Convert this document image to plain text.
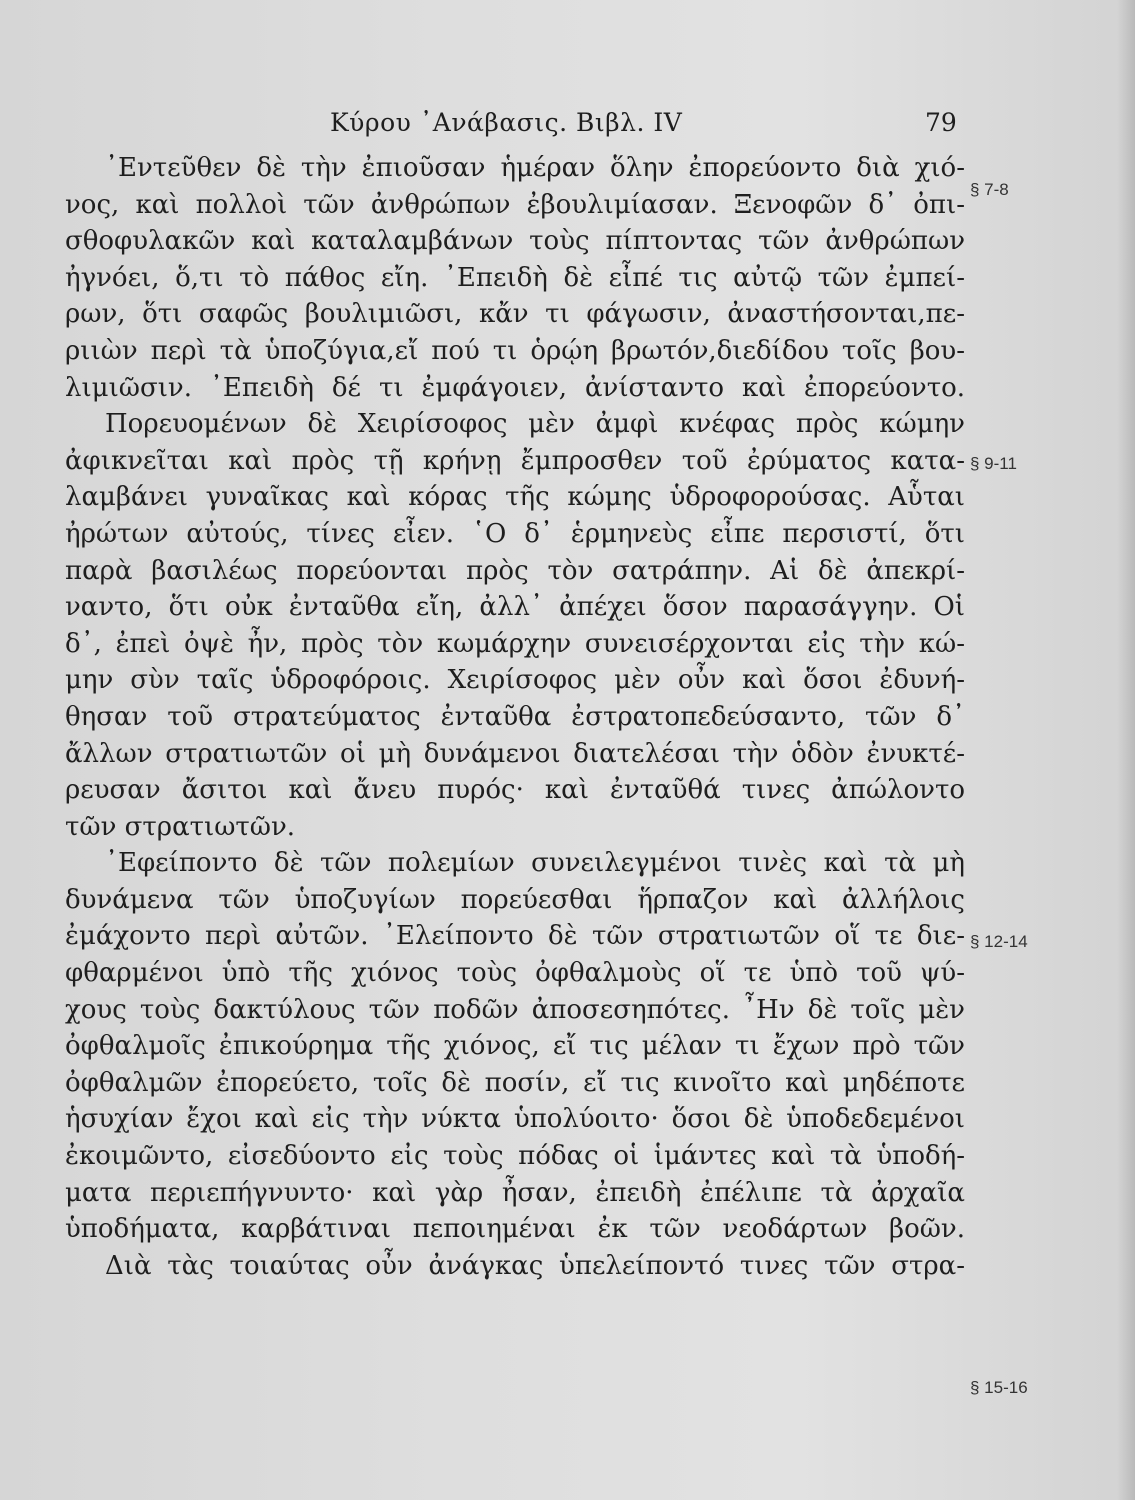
Κύρου ᾿Ανάβασις. Βιβλ. IV	79
᾿Εντεῦθεν δὲ τὴν ἐπιοῦσαν ἡμέραν ὅλην ἐπορεύοντο διὰ χιό-
νος, καὶ πολλοὶ τῶν ἀνθρώπων ἐβουλιμίασαν. Ξενοφῶν δ᾿ ὀπι-
σθοφυλακῶν καὶ καταλαμβάνων τοὺς πίπτοντας τῶν ἀνθρώπων
ἠγνόει, ὅ,τι τὸ πάθος εἴη. ᾿Επειδὴ δὲ εἶπέ τις αὐτῷ τῶν ἐμπεί-
ρων, ὅτι σαφῶς βουλιμιῶσι, κἄν τι φάγωσιν, ἀναστήσονται,πε-
ριιὼν περὶ τὰ ὑποζύγια,εἴ πού τι ὁρῴη βρωτόν,διεδίδου τοῖς βου-
λιμιῶσιν. ᾿Επειδὴ δέ τι ἐμφάγοιεν, ἀνίσταντο καὶ ἐπορεύοντο.
Πορευομένων δὲ Χειρίσοφος μὲν ἀμφὶ κνέφας πρὸς κώμην
ἀφικνεῖται καὶ πρὸς τῇ κρήνῃ ἔμπροσθεν τοῦ ἐρύματος κατα-
λαμβάνει γυναῖκας καὶ κόρας τῆς κώμης ὑδροφορούσας. Αὗται
ἠρώτων αὐτούς, τίνες εἶεν. ῾Ο δ᾿ ἑρμηνεὺς εἶπε περσιστί, ὅτι
παρὰ βασιλέως πορεύονται πρὸς τὸν σατράπην. Αἱ δὲ ἀπεκρί-
ναντο, ὅτι οὐκ ἐνταῦθα εἴη, ἀλλ᾿ ἀπέχει ὅσον παρασάγγην. Οἱ
δ᾿, ἐπεὶ ὀψὲ ἦν, πρὸς τὸν κωμάρχην συνεισέρχονται εἰς τὴν κώ-
μην σὺν ταῖς ὑδροφόροις. Χειρίσοφος μὲν οὖν καὶ ὅσοι ἐδυνή-
θησαν τοῦ στρατεύματος ἐνταῦθα ἐστρατοπεδεύσαντο, τῶν δ᾿
ἄλλων στρατιωτῶν οἱ μὴ δυνάμενοι διατελέσαι τὴν ὁδὸν ἐνυκτέ-
ρευσαν ἄσιτοι καὶ ἄνευ πυρός· καὶ ἐνταῦθά τινες ἀπώλοντο
τῶν στρατιωτῶν.
᾿Εφείποντο δὲ τῶν πολεμίων συνειλεγμένοι τινὲς καὶ τὰ μὴ
δυνάμενα τῶν ὑποζυγίων πορεύεσθαι ἥρπαζον καὶ ἀλλήλοις
ἐμάχοντο περὶ αὐτῶν. ᾿Ελείποντο δὲ τῶν στρατιωτῶν οἵ τε διε-
φθαρμένοι ὑπὸ τῆς χιόνος τοὺς ὀφθαλμοὺς οἵ τε ὑπὸ τοῦ ψύ-
χους τοὺς δακτύλους τῶν ποδῶν ἀποσεσηπότες. ῏Ην δὲ τοῖς μὲν
ὀφθαλμοῖς ἐπικούρημα τῆς χιόνος, εἴ τις μέλαν τι ἔχων πρὸ τῶν
ὀφθαλμῶν ἐπορεύετο, τοῖς δὲ ποσίν, εἴ τις κινοῖτο καὶ μηδέποτε
ἡσυχίαν ἔχοι καὶ εἰς τὴν νύκτα ὑπολύοιτο· ὅσοι δὲ ὑποδεδεμένοι
ἐκοιμῶντο, εἰσεδύοντο εἰς τοὺς πόδας οἱ ἱμάντες καὶ τὰ ὑποδή-
ματα περιεπήγνυντο· καὶ γὰρ ἦσαν, ἐπειδὴ ἐπέλιπε τὰ ἀρχαῖα
ὑποδήματα, καρβάτιναι πεποιημέναι ἐκ τῶν νεοδάρτων βοῶν.
Διὰ τὰς τοιαύτας οὖν ἀνάγκας ὑπελείποντό τινες τῶν στρα-
§ 7-8
§ 9-11
§ 12-14
§ 15-16
